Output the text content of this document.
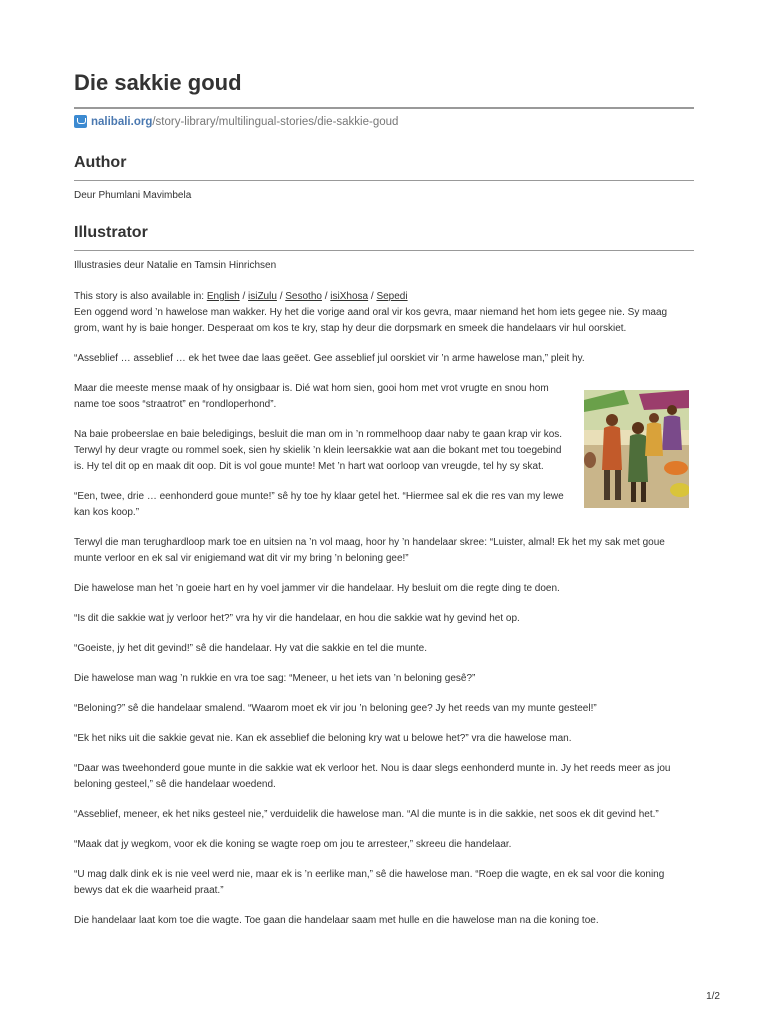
Die sakkie goud
nalibali.org/story-library/multilingual-stories/die-sakkie-goud
Author
Deur Phumlani Mavimbela
Illustrator
Illustrasies deur Natalie en Tamsin Hinrichsen

This story is also available in: English / isiZulu / Sesotho / isiXhosa / Sepedi

Een oggend word ’n hawelose man wakker. Hy het die vorige aand oral vir kos gevra, maar niemand het hom iets gegee nie. Sy maag grom, want hy is baie honger. Desperaat om kos te kry, stap hy deur die dorpsmark en smeek die handelaars vir hul oorskiet.

“Asseblief … asseblief … ek het twee dae laas geëet. Gee asseblief jul oorskiet vir ’n arme hawelose man,” pleit hy.

Maar die meeste mense maak of hy onsigbaar is. Dié wat hom sien, gooi hom met vrot vrugte en snou hom name toe soos “straatrot” en “rondloperhond”.

Na baie probeerslae en baie beledigings, besluit die man om in ’n rommelhoop daar naby te gaan krap vir kos. Terwyl hy deur vragte ou rommel soek, sien hy skielik ’n klein leersakkie wat aan die bokant met tou toegebind is. Hy tel dit op en maak dit oop. Dit is vol goue munte! Met ’n hart wat oorloop van vreugde, tel hy sy skat.

“Een, twee, drie … eenhonderd goue munte!” sê hy toe hy klaar getel het. “Hiermee sal ek die res van my lewe kan kos koop.”

Terwyl die man terughardloop mark toe en uitsien na ’n vol maag, hoor hy ’n handelaar skree: “Luister, almal! Ek het my sak met goue munte verloor en ek sal vir enigiemand wat dit vir my bring ’n beloning gee!”

Die hawelose man het ’n goeie hart en hy voel jammer vir die handelaar. Hy besluit om die regte ding te doen.

“Is dit die sakkie wat jy verloor het?” vra hy vir die handelaar, en hou die sakkie wat hy gevind het op.

“Goeiste, jy het dit gevind!” sê die handelaar. Hy vat die sakkie en tel die munte.

Die hawelose man wag ’n rukkie en vra toe sag: “Meneer, u het iets van ’n beloning gesê?”

“Beloning?” sê die handelaar smalend. “Waarom moet ek vir jou ’n beloning gee? Jy het reeds van my munte gesteel!”

“Ek het niks uit die sakkie gevat nie. Kan ek asseblief die beloning kry wat u belowe het?” vra die hawelose man.

“Daar was tweehonderd goue munte in die sakkie wat ek verloor het. Nou is daar slegs eenhonderd munte in. Jy het reeds meer as jou beloning gesteel,” sê die handelaar woedend.

“Asseblief, meneer, ek het niks gesteel nie,” verduidelik die hawelose man. “Al die munte is in die sakkie, net soos ek dit gevind het.”

“Maak dat jy wegkom, voor ek die koning se wagte roep om jou te arresteer,” skreeu die handelaar.

“U mag dalk dink ek is nie veel werd nie, maar ek is ’n eerlike man,” sê die hawelose man. “Roep die wagte, en ek sal voor die koning bewys dat ek die waarheid praat.”

Die handelaar laat kom toe die wagte. Toe gaan die handelaar saam met hulle en die hawelose man na die koning toe.

1/2
